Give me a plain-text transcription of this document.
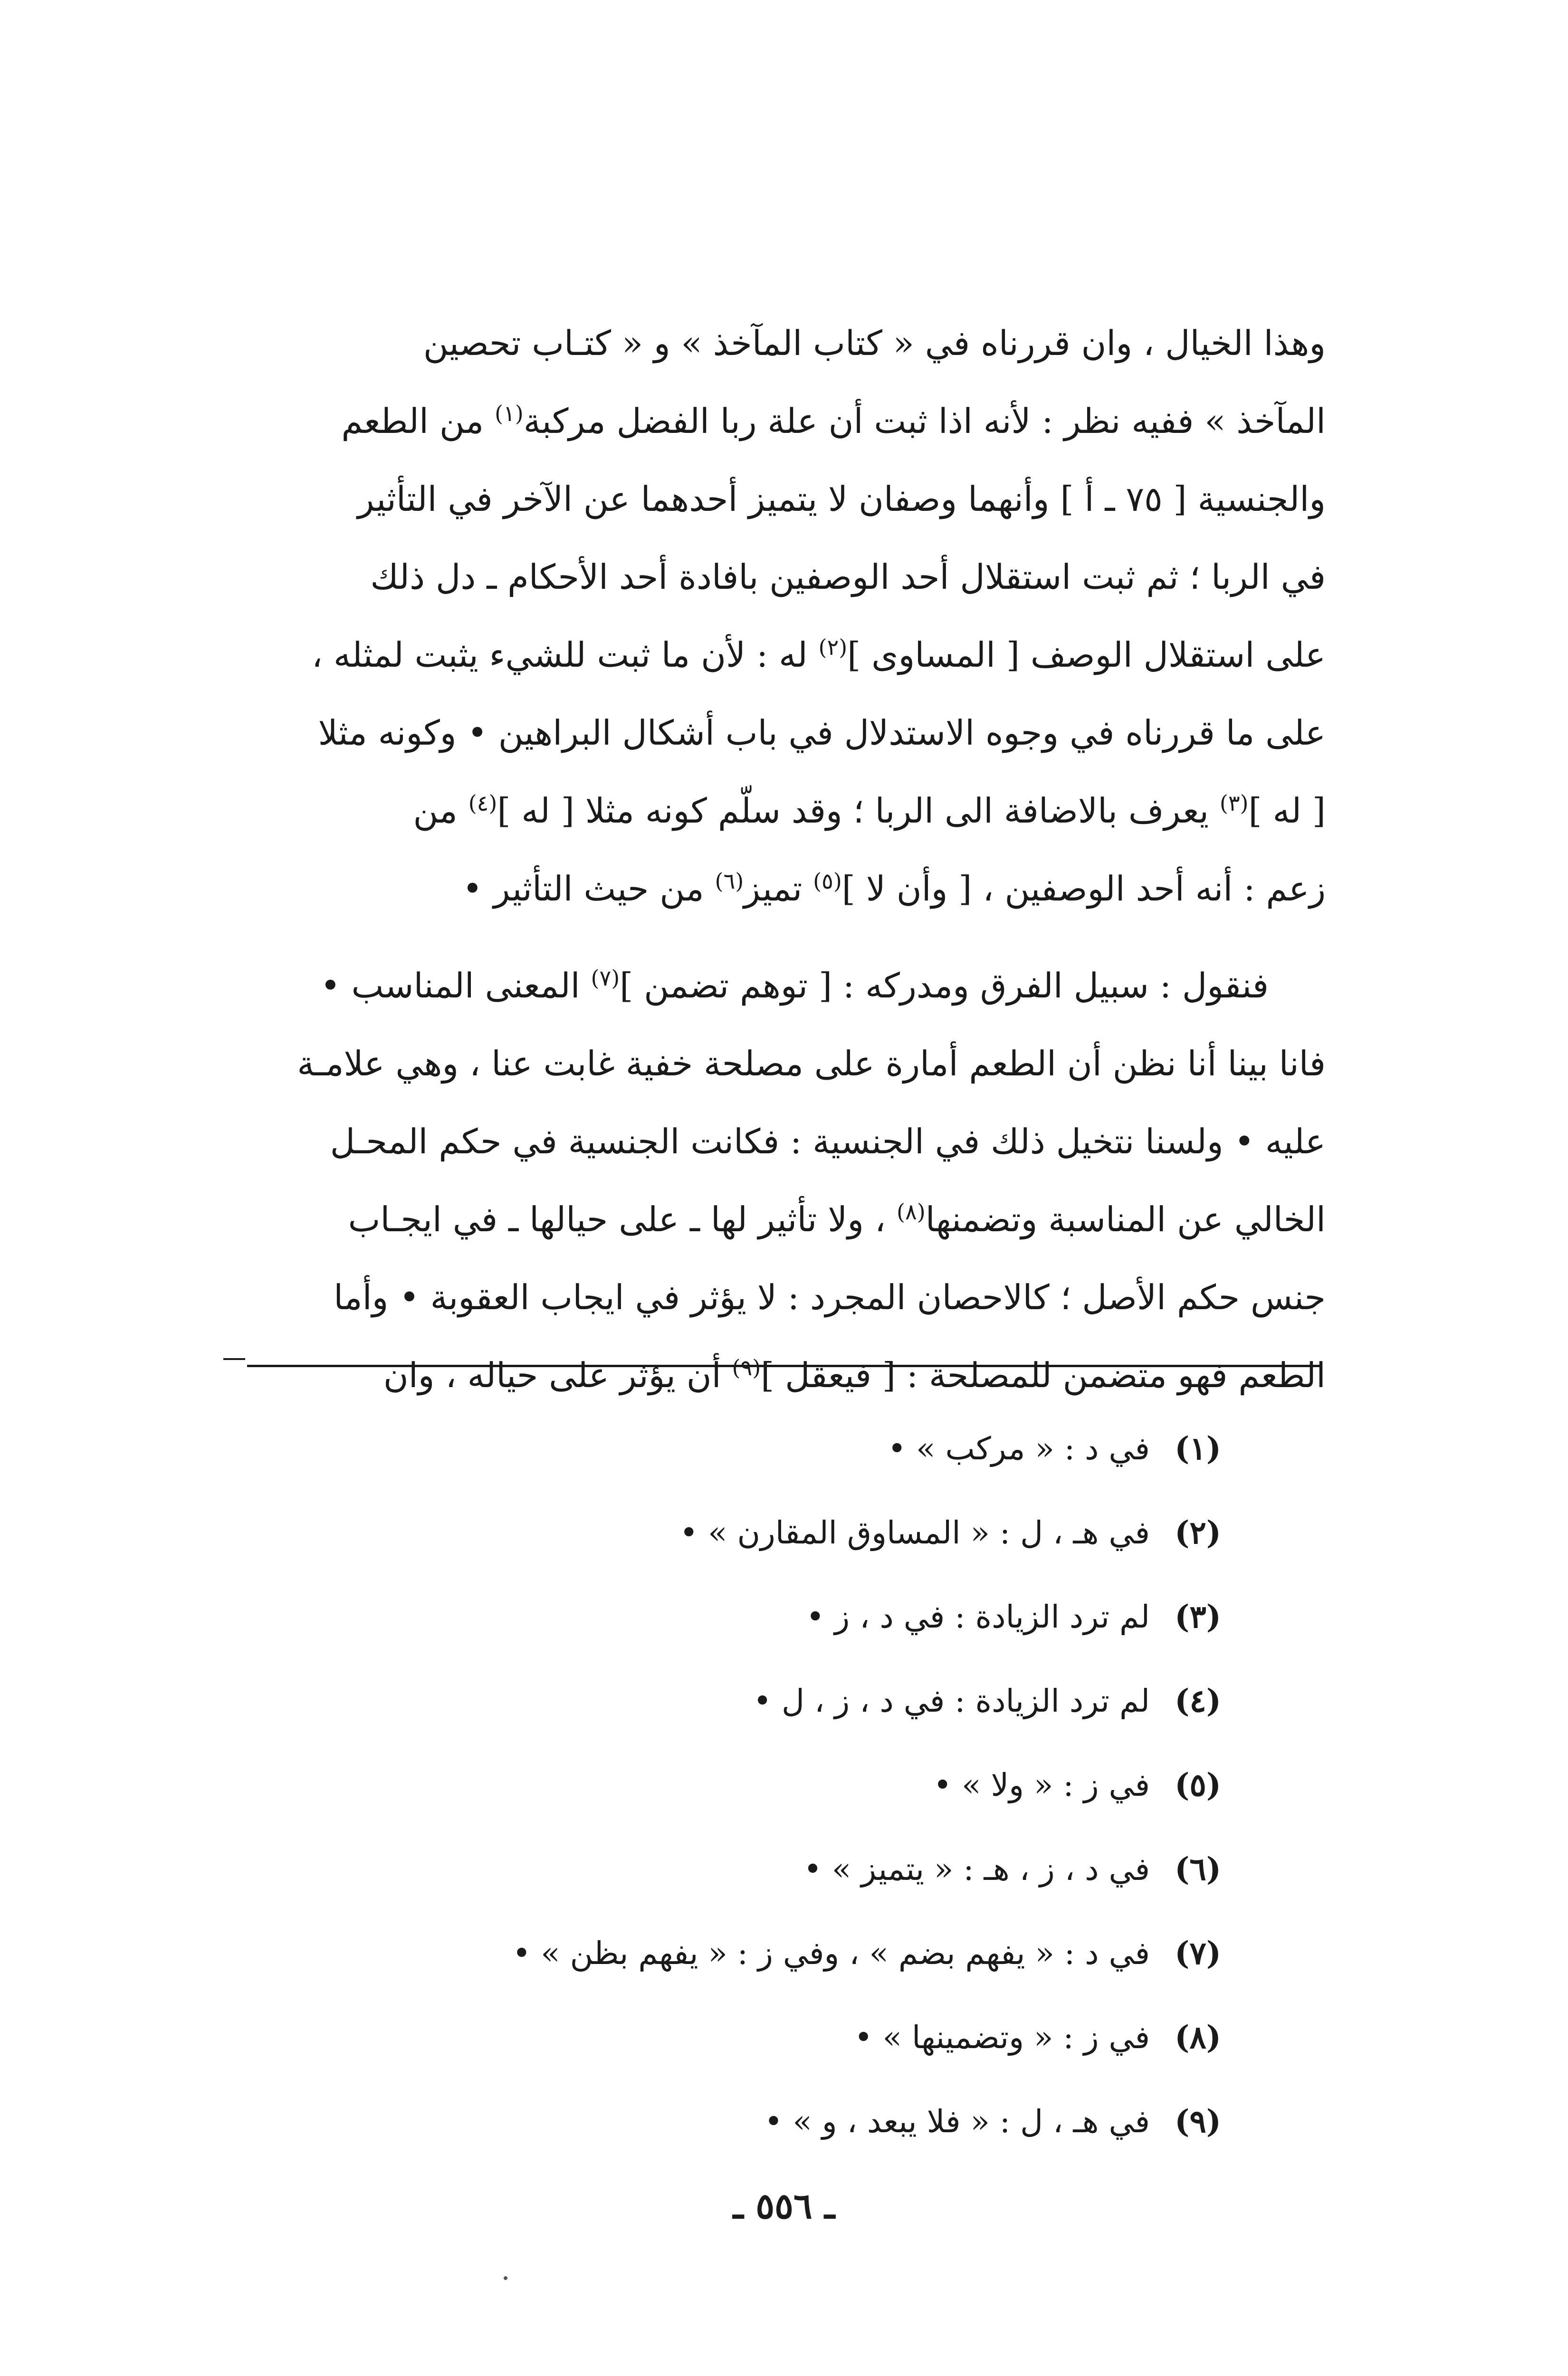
وهذا الخيال ، وان قررناه في « كتاب المآخذ » و « كتـاب تحصين
المآخذ » ففيه نظر : لأنه اذا ثبت أن علة ربا الفضل مركبة$^{(١)}$ من الطعم
والجنسية [ ٧٥ ـ أ ] وأنهما وصفان لا يتميز أحدهما عن الآخر في التأثير
في الربا ؛ ثم ثبت استقلال أحد الوصفين بافادة أحد الأحكام ـ دل ذلك
على استقلال الوصف [ المساوى ]$^{(٢)}$ له : لأن ما ثبت للشيء يثبت لمثله ،
على ما قررناه في وجوه الاستدلال في باب أشكال البراهين • وكونه مثلا
[ له ]$^{(٣)}$ يعرف بالاضافة الى الربا ؛ وقد سلّم كونه مثلا [ له ]$^{(٤)}$ من
زعم : أنه أحد الوصفين ، [ وأن لا ]$^{(٥)}$ تميز$^{(٦)}$ من حيث التأثير •

فنقول : سبيل الفرق ومدركه : [ توهم تضمن ]$^{(٧)}$ المعنى المناسب •
فانا بينا أنا نظن أن الطعم أمارة على مصلحة خفية غابت عنا ، وهي علامـة
عليه • ولسنا نتخيل ذلك في الجنسية : فكانت الجنسية في حكم المحـل
الخالي عن المناسبة وتضمنها$^{(٨)}$ ، ولا تأثير لها ـ على حيالها ـ في ايجـاب
جنس حكم الأصل ؛ كالاحصان المجرد : لا يؤثر في ايجاب العقوبة • وأما
الطعم فهو متضمن للمصلحة : [ فيعقل ]$^{(٩)}$ أن يؤثر على حياله ، وان

(١)
في د : « مركب » •
(٢)
في هـ ، ل : « المساوق المقارن » •
(٣)
لم ترد الزيادة : في د ، ز •
(٤)
لم ترد الزيادة : في د ، ز ، ل •
(٥)
في ز : « ولا » •
(٦)
في د ، ز ، هـ : « يتميز » •
(٧)
في د : « يفهم بضم » ، وفي ز : « يفهم بظن » •
(٨)
في ز : « وتضمينها » •
(٩)
في هـ ، ل : « فلا يبعد ، و » •
ـ ٥٥٦ ـ
